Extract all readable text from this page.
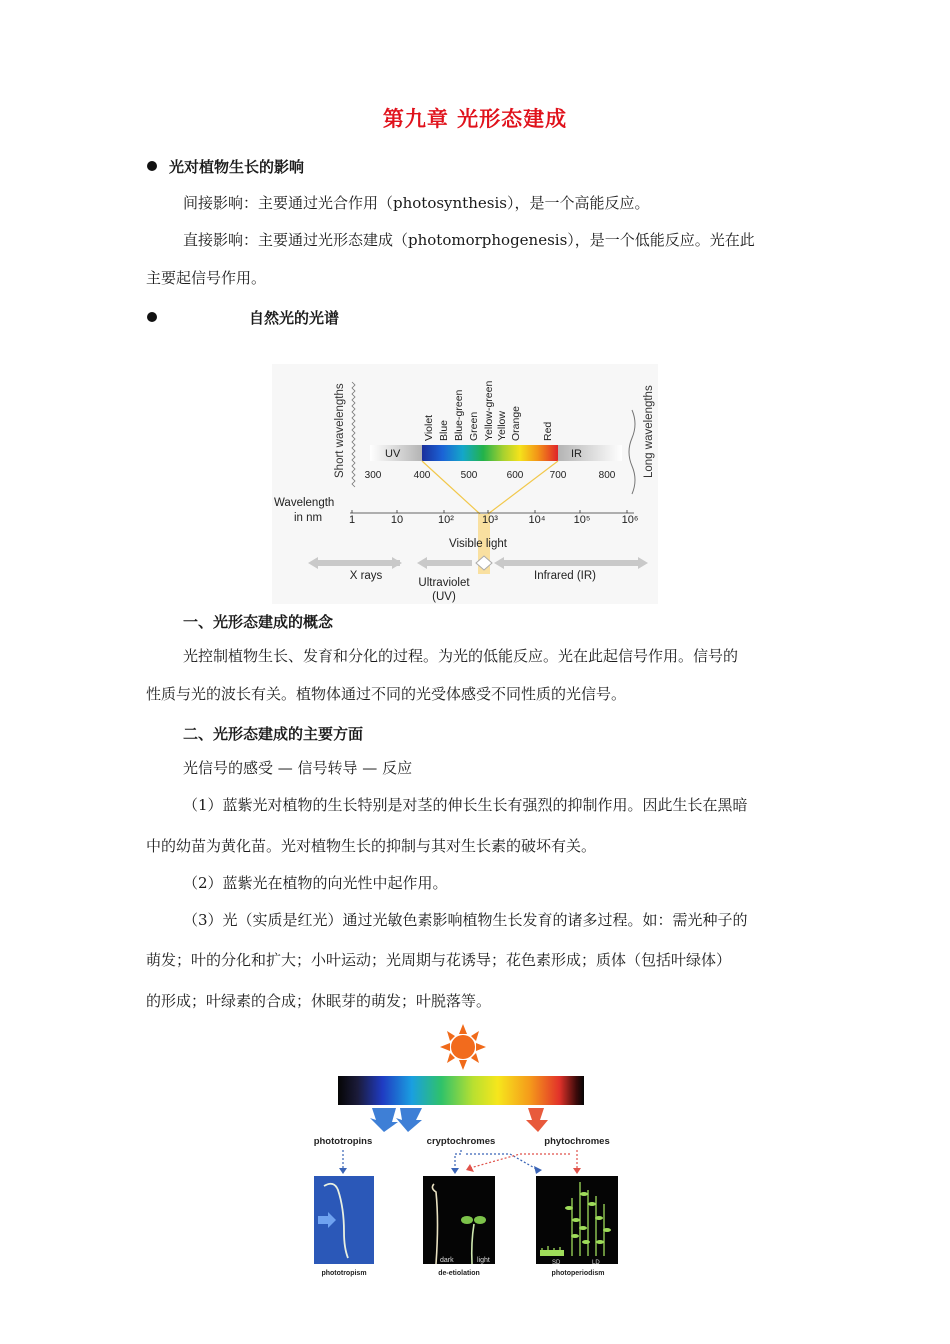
第九章 光形态建成
光对植物生长的影响
间接影响：主要通过光合作用（photosynthesis），是一个高能反应。
直接影响：主要通过光形态建成（photomorphogenesis），是一个低能反应。光在此
主要起信号作用。
自然光的光谱
Short wavelengths	Long wavelengths
Violet Blue Blue-green Green Yellow-green Yellow Orange Red
UV	IR
300	400	500	600	700	800
Wavelength
in nm 1	10	10²	10³	10⁴	10⁵	10⁶
Visible light
X rays
Ultraviolet
(UV)
Infrared (IR)
一、光形态建成的概念
光控制植物生长、发育和分化的过程。为光的低能反应。光在此起信号作用。信号的
性质与光的波长有关。植物体通过不同的光受体感受不同性质的光信号。
二、光形态建成的主要方面
光信号的感受 — 信号转导 — 反应
（1）蓝紫光对植物的生长特别是对茎的伸长生长有强烈的抑制作用。因此生长在黑暗
中的幼苗为黄化苗。光对植物生长的抑制与其对生长素的破坏有关。
（2）蓝紫光在植物的向光性中起作用。
（3）光（实质是红光）通过光敏色素影响植物生长发育的诸多过程。如：需光种子的
萌发；叶的分化和扩大；小叶运动；光周期与花诱导；花色素形成；质体（包括叶绿体）
的形成；叶绿素的合成；休眠芽的萌发；叶脱落等。
phototropins	cryptochromes	phytochromes
phototropism
dark	light
de-etiolation
SD	LD
photoperiodism
